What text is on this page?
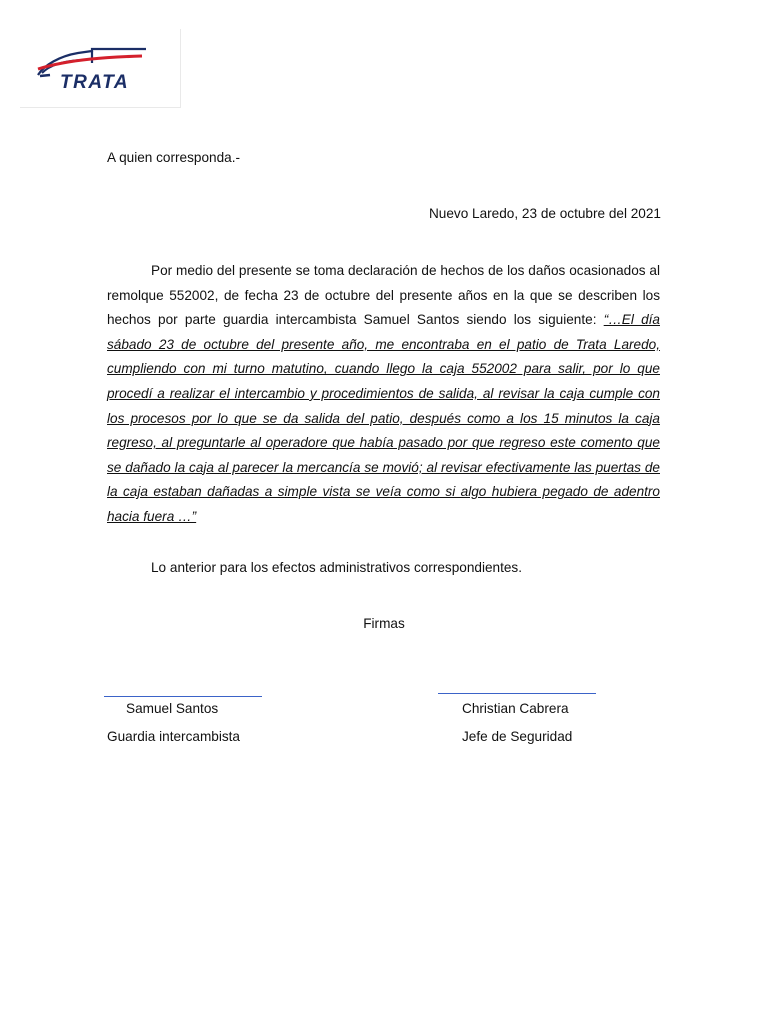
TRATA
A quien corresponda.-
Nuevo Laredo, 23 de octubre del 2021

Por medio del presente se toma declaración de hechos de los daños ocasionados al remolque 552002, de fecha 23 de octubre del presente años en la que se describen los hechos por parte guardia intercambista Samuel Santos siendo los siguiente: “…El día sábado 23 de octubre del presente año, me encontraba en el patio de Trata Laredo, cumpliendo con mi turno matutino, cuando llego la caja 552002 para salir, por lo que procedí a realizar el intercambio y procedimientos de salida, al revisar la caja cumple con los procesos por lo que se da salida del patio, después como a los 15 minutos la caja regreso, al preguntarle al operadore que había pasado por que regreso este comento que se dañado la caja al parecer la mercancía se movió; al revisar efectivamente las puertas de la caja estaban dañadas a simple vista se veía como si algo hubiera pegado de adentro hacia fuera …”

Lo anterior para los efectos administrativos correspondientes.
Firmas
Samuel Santos
Guardia intercambista
Christian Cabrera
Jefe de Seguridad
